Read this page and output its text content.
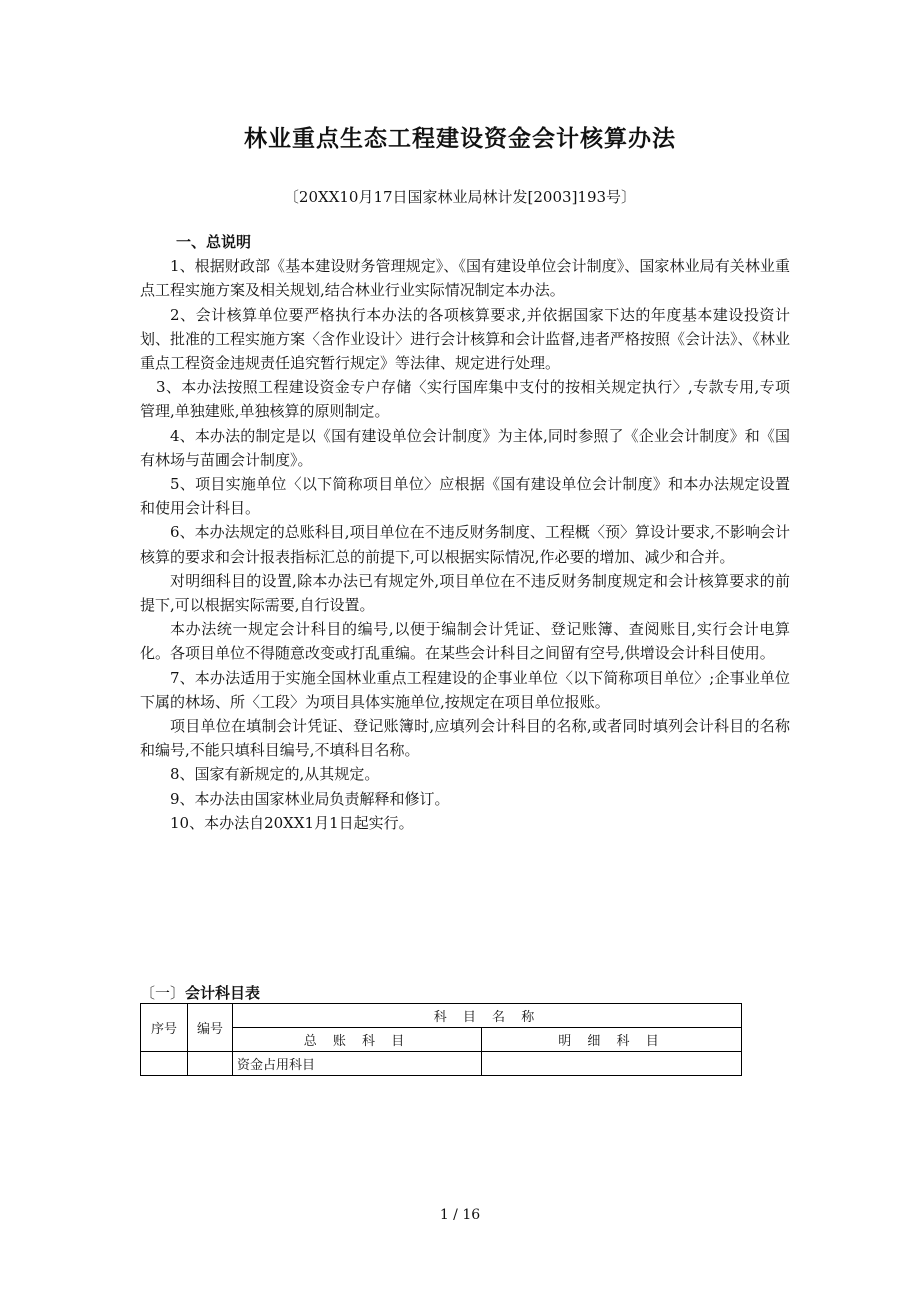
林业重点生态工程建设资金会计核算办法
〔20XX10月17日国家林业局林计发[2003]193号〕
一、总说明
1、根据财政部《基本建设财务管理规定》、《国有建设单位会计制度》、国家林业局有关林业重点工程实施方案及相关规划,结合林业行业实际情况制定本办法。
2、会计核算单位要严格执行本办法的各项核算要求,并依据国家下达的年度基本建设投资计划、批准的工程实施方案〈含作业设计〉进行会计核算和会计监督,违者严格按照《会计法》、《林业重点工程资金违规责任追究暂行规定》等法律、规定进行处理。
3、本办法按照工程建设资金专户存储〈实行国库集中支付的按相关规定执行〉,专款专用,专项管理,单独建账,单独核算的原则制定。
4、本办法的制定是以《国有建设单位会计制度》为主体,同时参照了《企业会计制度》和《国有林场与苗圃会计制度》。
5、项目实施单位〈以下简称项目单位〉应根据《国有建设单位会计制度》和本办法规定设置和使用会计科目。
6、本办法规定的总账科目,项目单位在不违反财务制度、工程概〈预〉算设计要求,不影响会计核算的要求和会计报表指标汇总的前提下,可以根据实际情况,作必要的增加、减少和合并。
对明细科目的设置,除本办法已有规定外,项目单位在不违反财务制度规定和会计核算要求的前提下,可以根据实际需要,自行设置。
本办法统一规定会计科目的编号,以便于编制会计凭证、登记账簿、查阅账目,实行会计电算化。各项目单位不得随意改变或打乱重编。在某些会计科目之间留有空号,供增设会计科目使用。
7、本办法适用于实施全国林业重点工程建设的企事业单位〈以下简称项目单位〉;企事业单位下属的林场、所〈工段〉为项目具体实施单位,按规定在项目单位报账。
项目单位在填制会计凭证、登记账簿时,应填列会计科目的名称,或者同时填列会计科目的名称和编号,不能只填科目编号,不填科目名称。
8、国家有新规定的,从其规定。
9、本办法由国家林业局负责解释和修订。
10、本办法自20XX1月1日起实行。
〔一〕会计科目表
序号	编号	科 目 名 称	
		总 账 科 目	明 细 科 目
		资金占用科目	
1 / 16
